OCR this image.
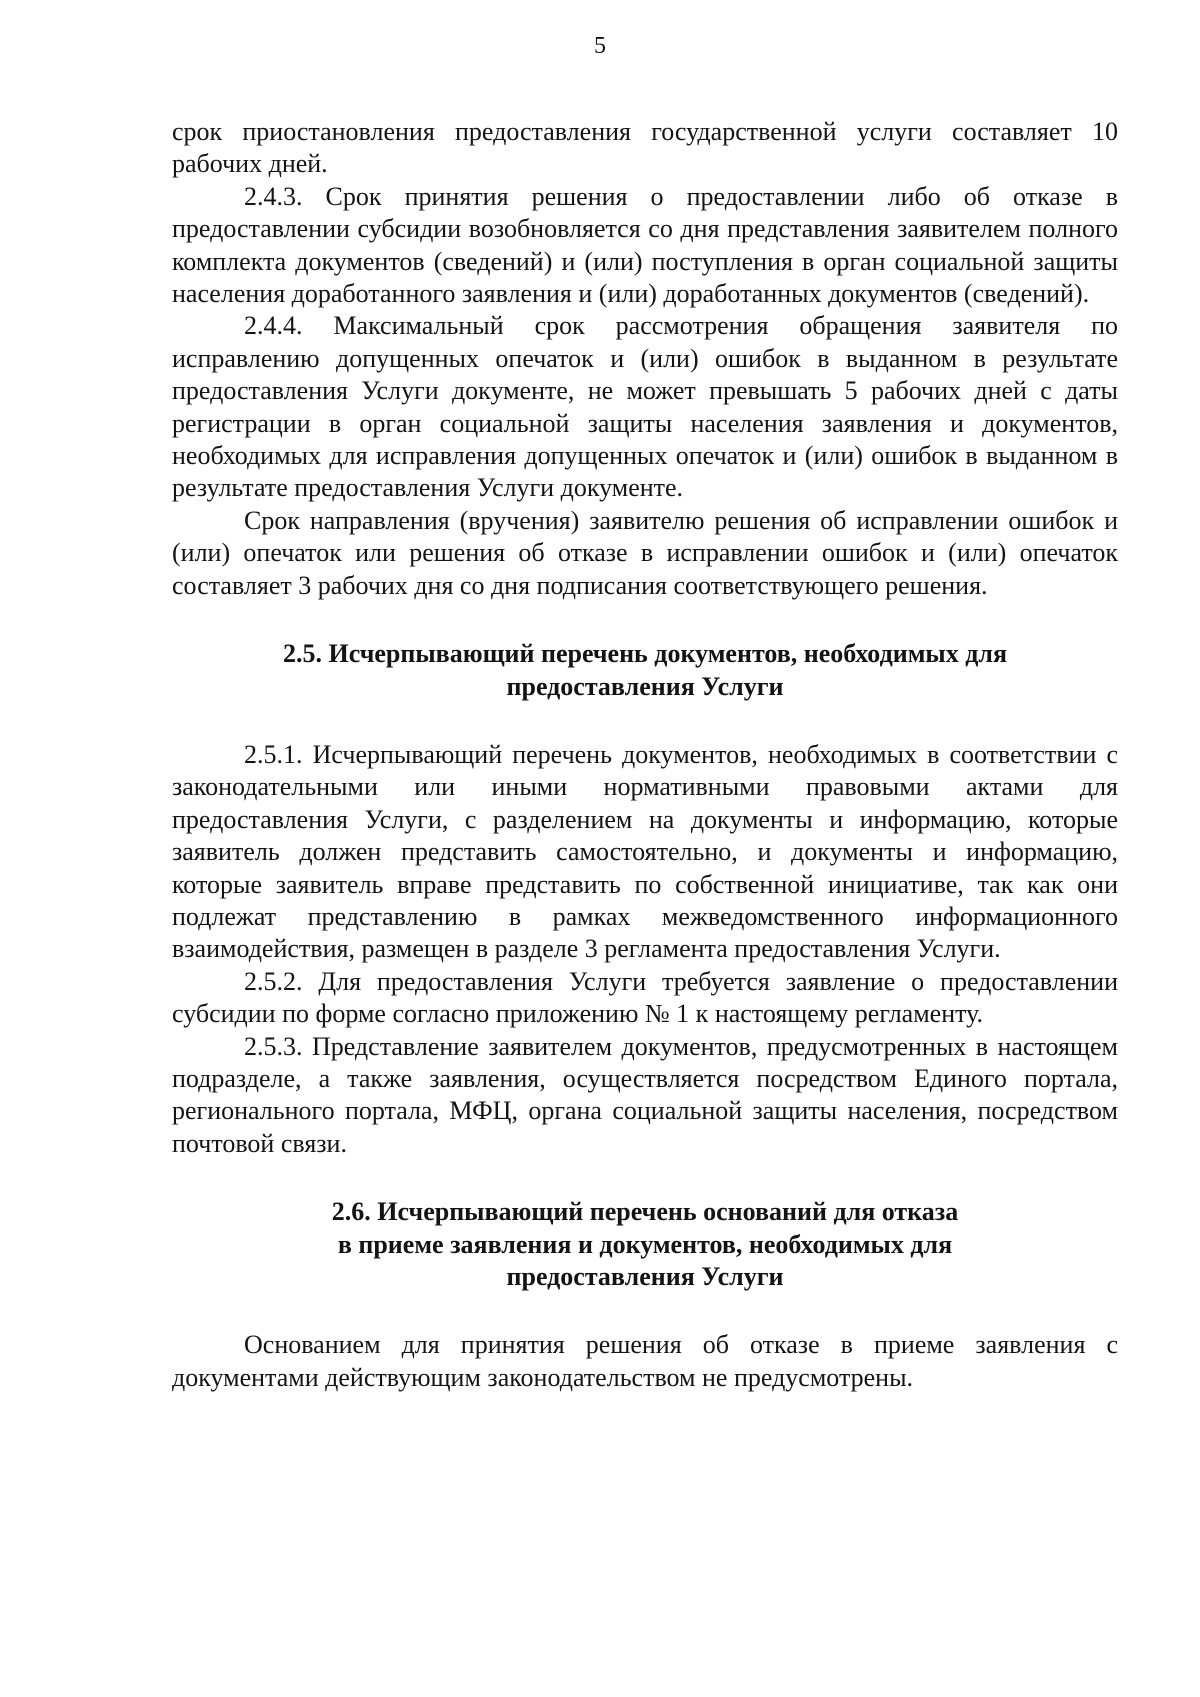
5

срок приостановления предоставления государственной услуги составляет 10 рабочих дней.

2.4.3. Срок принятия решения о предоставлении либо об отказе в предоставлении субсидии возобновляется со дня представления заявителем полного комплекта документов (сведений) и (или) поступления в орган социальной защиты населения доработанного заявления и (или) доработанных документов (сведений).

2.4.4. Максимальный срок рассмотрения обращения заявителя по исправлению допущенных опечаток и (или) ошибок в выданном в результате предоставления Услуги документе, не может превышать 5 рабочих дней с даты регистрации в орган социальной защиты населения заявления и документов, необходимых для исправления допущенных опечаток и (или) ошибок в выданном в результате предоставления Услуги документе.

Срок направления (вручения) заявителю решения об исправлении ошибок и (или) опечаток или решения об отказе в исправлении ошибок и (или) опечаток составляет 3 рабочих дня со дня подписания соответствующего решения.

2.5. Исчерпывающий перечень документов, необходимых для
предоставления Услуги

2.5.1. Исчерпывающий перечень документов, необходимых в соответствии с законодательными или иными нормативными правовыми актами для предоставления Услуги, с разделением на документы и информацию, которые заявитель должен представить самостоятельно, и документы и информацию, которые заявитель вправе представить по собственной инициативе, так как они подлежат представлению в рамках межведомственного информационного взаимодействия, размещен в разделе 3 регламента предоставления Услуги.

2.5.2. Для предоставления Услуги требуется заявление о предоставлении субсидии по форме согласно приложению № 1 к настоящему регламенту.

2.5.3. Представление заявителем документов, предусмотренных в настоящем подразделе, а также заявления, осуществляется посредством Единого портала, регионального портала, МФЦ, органа социальной защиты населения, посредством почтовой связи.

2.6. Исчерпывающий перечень оснований для отказа
в приеме заявления и документов, необходимых для
предоставления Услуги

Основанием для принятия решения об отказе в приеме заявления с документами действующим законодательством не предусмотрены.
